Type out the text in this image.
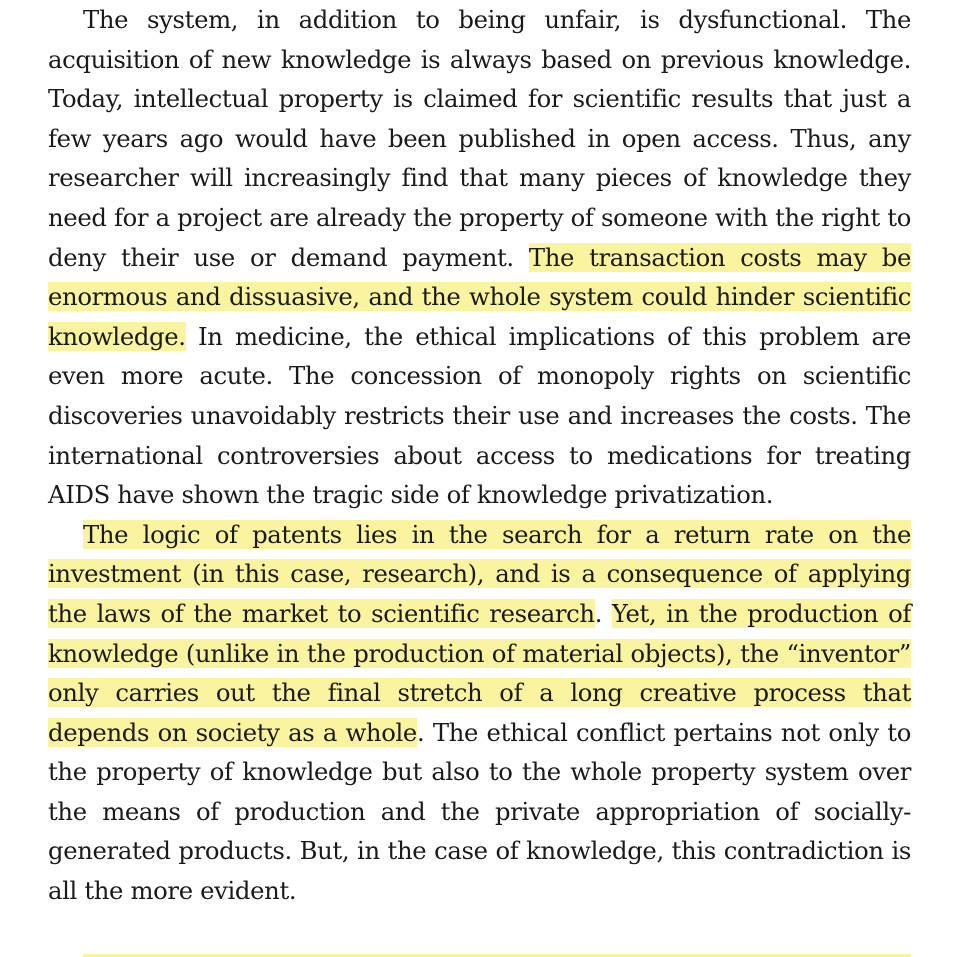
The system, in addition to being unfair, is dysfunctional. The acquisition of new knowledge is always based on previous knowledge. Today, intellectual property is claimed for scientific results that just a few years ago would have been published in open access. Thus, any researcher will increasingly find that many pieces of knowledge they need for a project are already the property of someone with the right to deny their use or demand payment. The transaction costs may be enormous and dissuasive, and the whole system could hinder scientific knowledge. In medicine, the ethical implications of this problem are even more acute. The concession of monopoly rights on scientific discoveries unavoidably restricts their use and increases the costs. The international controversies about access to medications for treating AIDS have shown the tragic side of knowledge privatization.

The logic of patents lies in the search for a return rate on the investment (in this case, research), and is a consequence of applying the laws of the market to scientific research. Yet, in the production of knowledge (unlike in the production of material objects), the “inventor” only carries out the final stretch of a long creative process that depends on society as a whole. The ethical conflict pertains not only to the property of knowledge but also to the whole property system over the means of production and the private appropriation of socially-generated products. But, in the case of knowledge, this contradiction is all the more evident.
